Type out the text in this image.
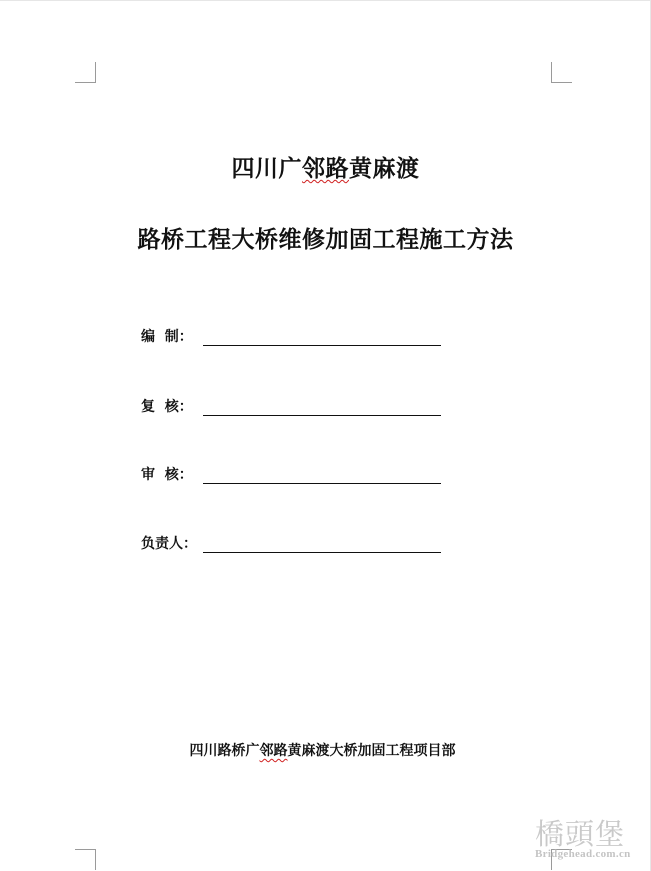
四川广邻路黄麻渡
路桥工程大桥维修加固工程施工方法
编  制：
复  核：
审  核：
负责人：
四川路桥广邻路黄麻渡大桥加固工程项目部
橋頭堡
Bridgehead.com.cn
